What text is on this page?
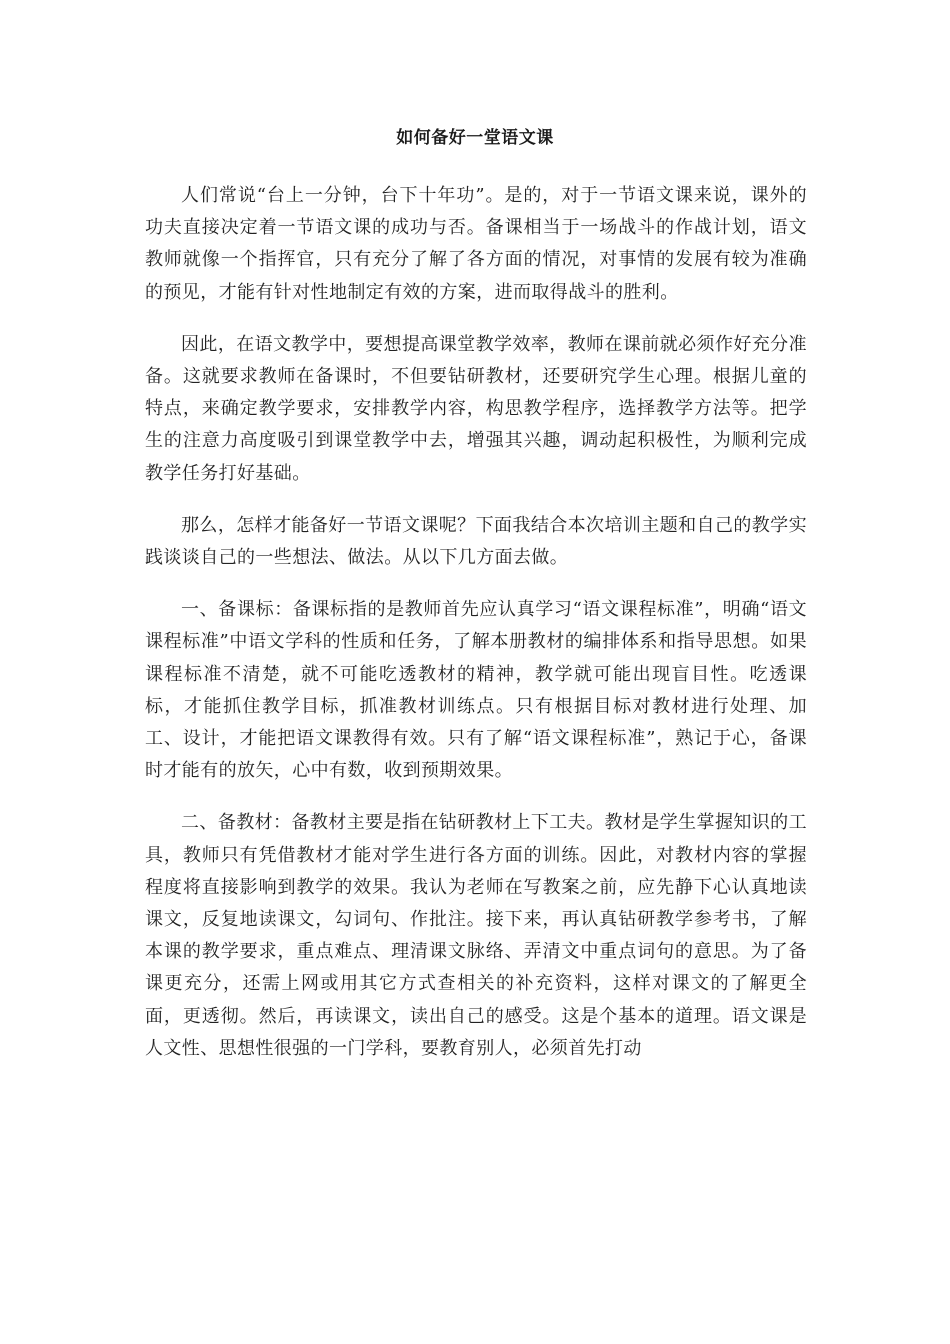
如何备好一堂语文课

人们常说“台上一分钟，台下十年功”。是的，对于一节语文课来说，课外的功夫直接决定着一节语文课的成功与否。备课相当于一场战斗的作战计划，语文教师就像一个指挥官，只有充分了解了各方面的情况，对事情的发展有较为准确的预见，才能有针对性地制定有效的方案，进而取得战斗的胜利。

因此，在语文教学中，要想提高课堂教学效率，教师在课前就必须作好充分准备。这就要求教师在备课时，不但要钻研教材，还要研究学生心理。根据儿童的特点，来确定教学要求，安排教学内容，构思教学程序，选择教学方法等。把学生的注意力高度吸引到课堂教学中去，增强其兴趣，调动起积极性，为顺利完成教学任务打好基础。

那么，怎样才能备好一节语文课呢？下面我结合本次培训主题和自己的教学实践谈谈自己的一些想法、做法。从以下几方面去做。

一、备课标：备课标指的是教师首先应认真学习“语文课程标准”，明确“语文课程标准”中语文学科的性质和任务，了解本册教材的编排体系和指导思想。如果课程标准不清楚，就不可能吃透教材的精神，教学就可能出现盲目性。吃透课标，才能抓住教学目标，抓准教材训练点。只有根据目标对教材进行处理、加工、设计，才能把语文课教得有效。只有了解“语文课程标准”，熟记于心，备课时才能有的放矢，心中有数，收到预期效果。

二、备教材：备教材主要是指在钻研教材上下工夫。教材是学生掌握知识的工具，教师只有凭借教材才能对学生进行各方面的训练。因此，对教材内容的掌握程度将直接影响到教学的效果。我认为老师在写教案之前，应先静下心认真地读课文，反复地读课文，勾词句、作批注。接下来，再认真钻研教学参考书，了解本课的教学要求，重点难点、理清课文脉络、弄清文中重点词句的意思。为了备课更充分，还需上网或用其它方式查相关的补充资料，这样对课文的了解更全面，更透彻。然后，再读课文，读出自己的感受。这是个基本的道理。语文课是人文性、思想性很强的一门学科，要教育别人，必须首先打动
